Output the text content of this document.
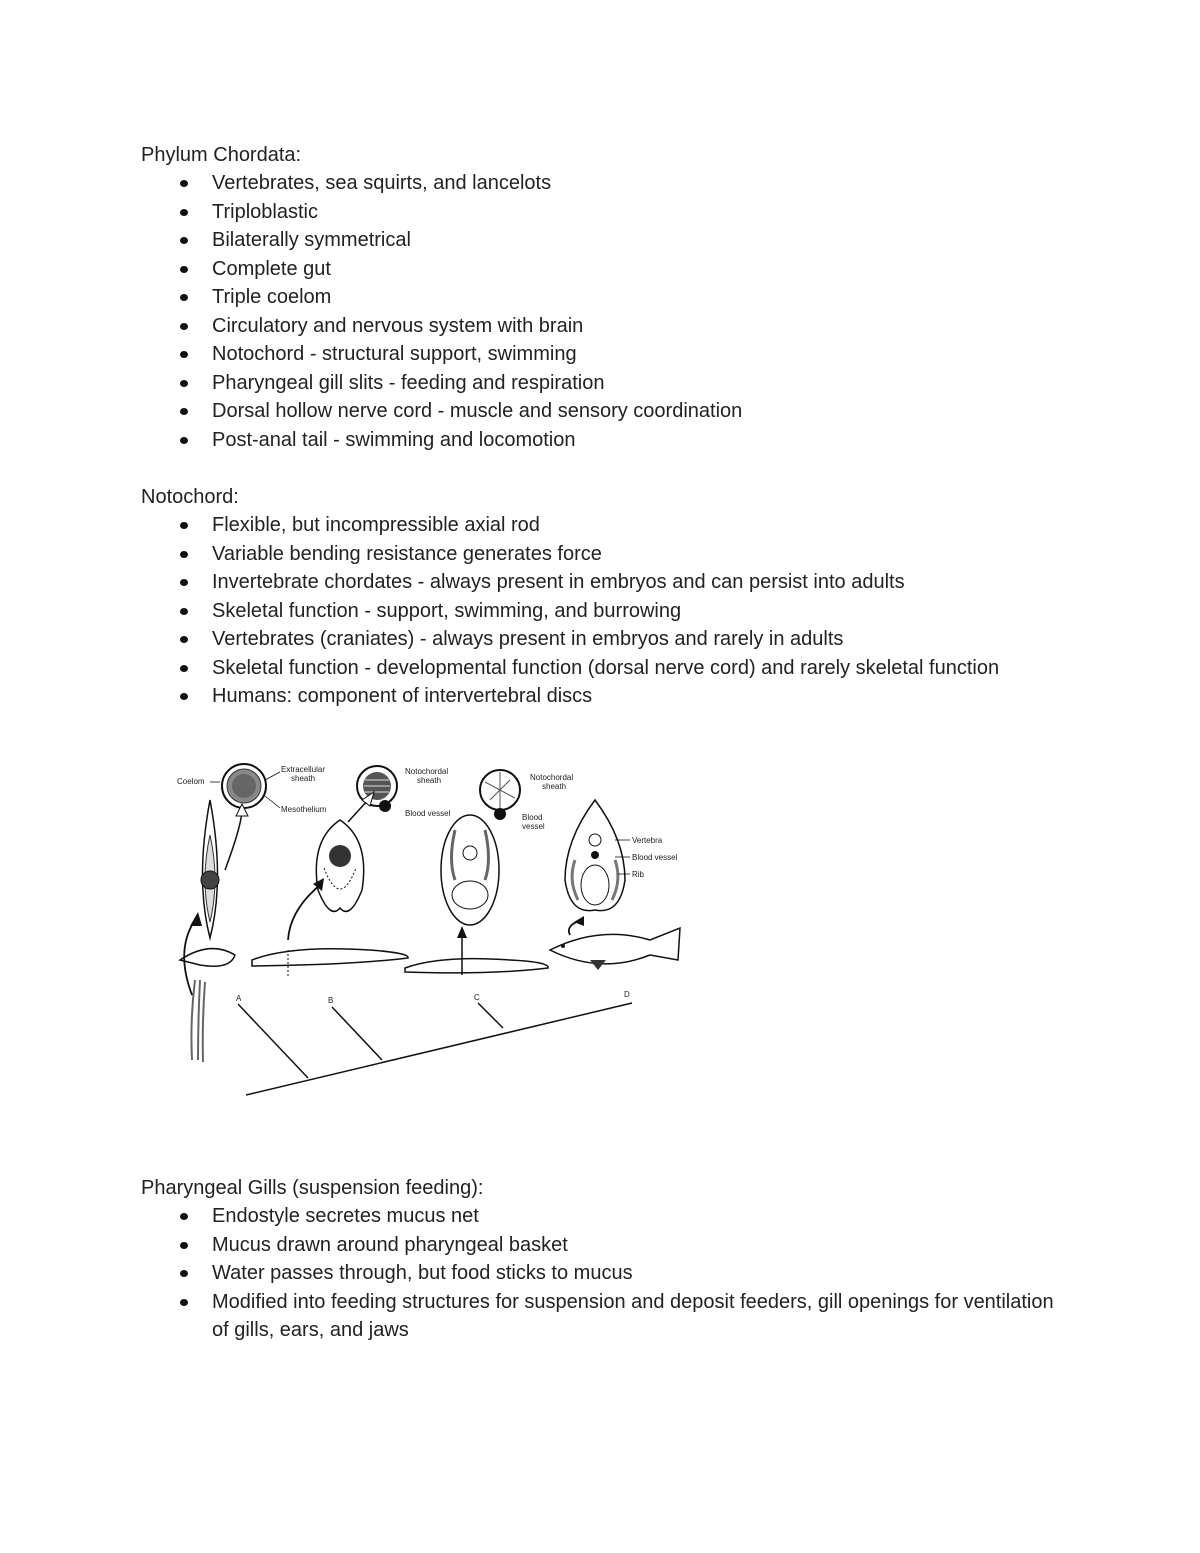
Phylum Chordata:
Vertebrates, sea squirts, and lancelots
Triploblastic
Bilaterally symmetrical
Complete gut
Triple coelom
Circulatory and nervous system with brain
Notochord - structural support, swimming
Pharyngeal gill slits - feeding and respiration
Dorsal hollow nerve cord - muscle and sensory coordination
Post-anal tail - swimming and locomotion
Notochord:
Flexible, but incompressible axial rod
Variable bending resistance generates force
Invertebrate chordates - always present in embryos and can persist into adults
Skeletal function - support, swimming, and burrowing
Vertebrates (craniates) - always present in embryos and rarely in adults
Skeletal function - developmental function (dorsal nerve cord) and rarely skeletal function
Humans: component of intervertebral discs
Coelom
Extracellular
sheath
Mesothelium
Notochordal
sheath
Blood vessel
Notochordal
sheath
Blood
vessel
Vertebra
Blood vessel
Rib
A	B	C	D
Pharyngeal Gills (suspension feeding):
Endostyle secretes mucus net
Mucus drawn around pharyngeal basket
Water passes through, but food sticks to mucus
Modified into feeding structures for suspension and deposit feeders, gill openings for ventilation of gills, ears, and jaws
